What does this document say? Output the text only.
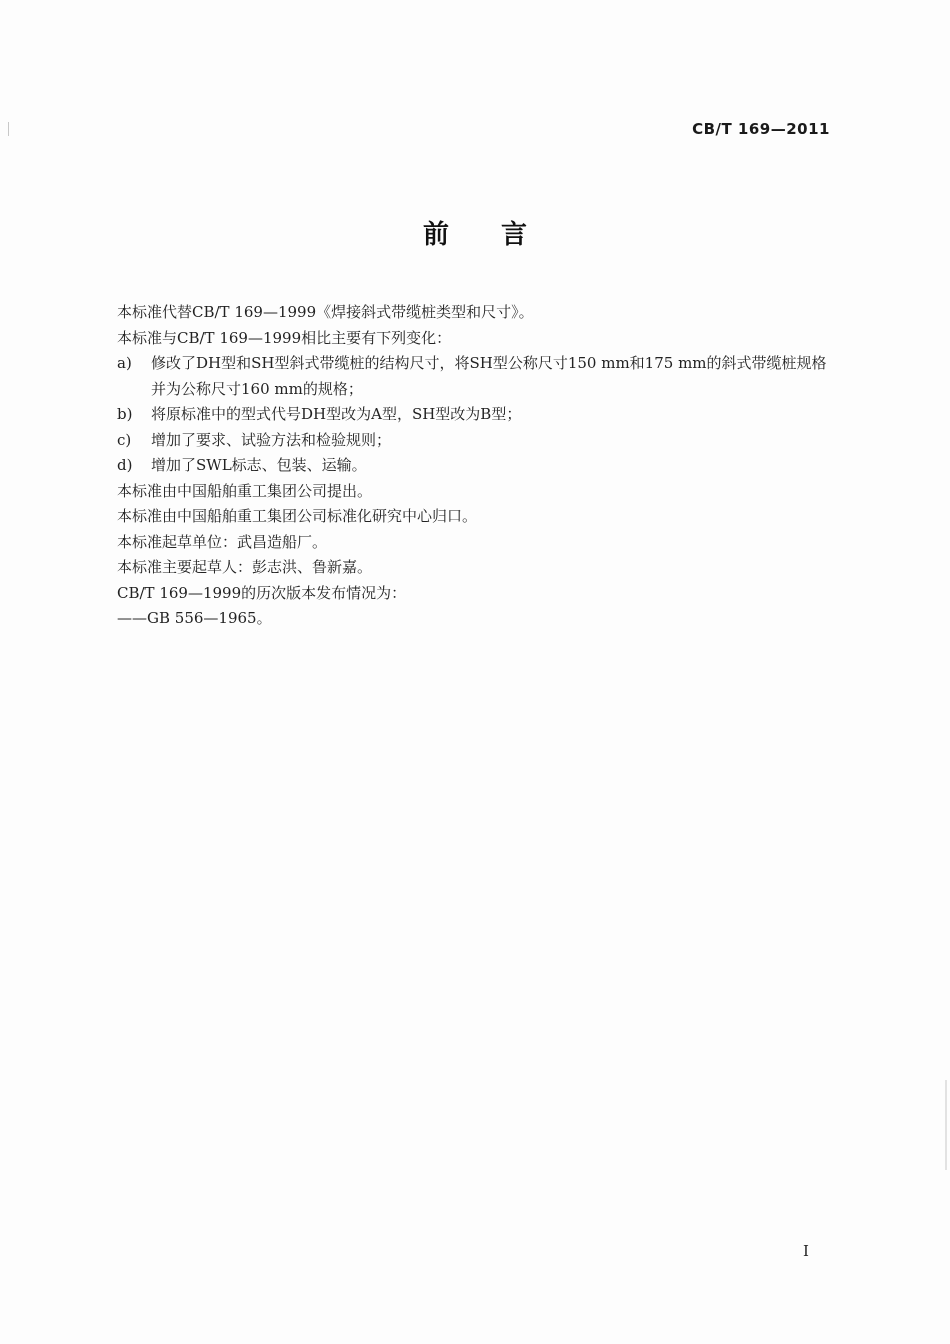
CB/T 169—2011
前言
本标准代替CB/T 169—1999《焊接斜式带缆桩类型和尺寸》。
本标准与CB/T 169—1999相比主要有下列变化：
a)	修改了DH型和SH型斜式带缆桩的结构尺寸，将SH型公称尺寸150 mm和175 mm的斜式带缆桩规格并为公称尺寸160 mm的规格；
b)	将原标准中的型式代号DH型改为A型，SH型改为B型；
c)	增加了要求、试验方法和检验规则；
d)	增加了SWL标志、包装、运输。
本标准由中国船舶重工集团公司提出。
本标准由中国船舶重工集团公司标准化研究中心归口。
本标准起草单位：武昌造船厂。
本标准主要起草人：彭志洪、鲁新嘉。
CB/T 169—1999的历次版本发布情况为：
——GB 556—1965。
I
